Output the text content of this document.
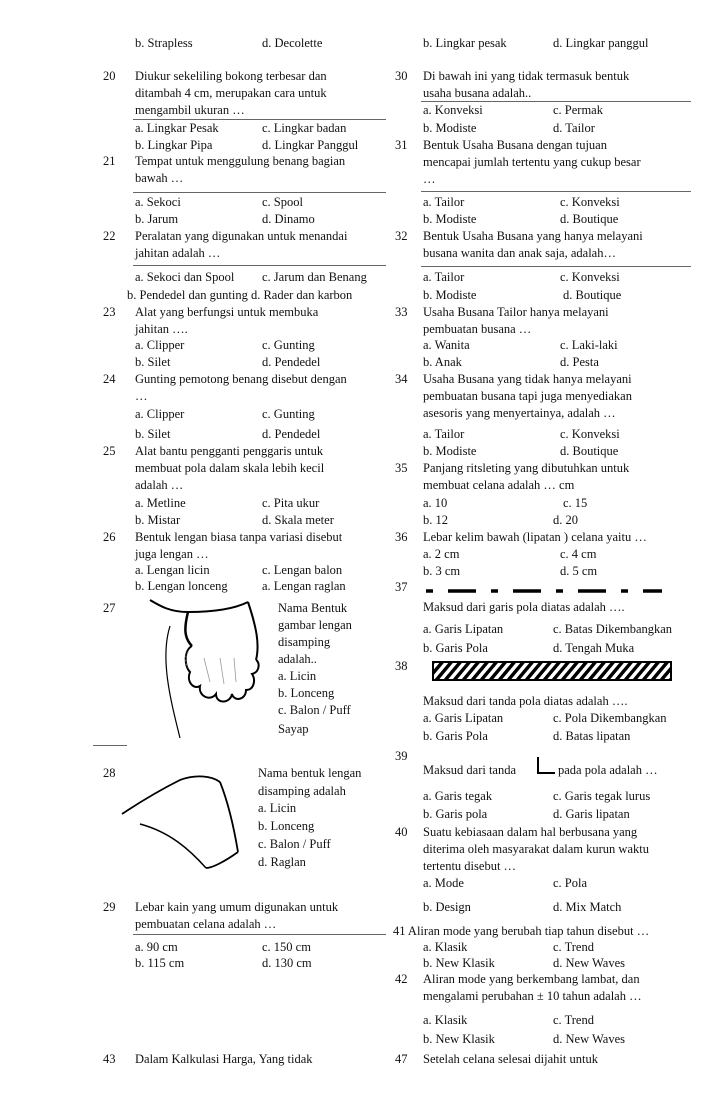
b. Strapless	d. Decolette
20 Diukur sekeliling bokong terbesar dan
ditambah 4 cm, merupakan cara untuk
mengambil ukuran …
a. Lingkar Pesak	c. Lingkar badan
b. Lingkar Pipa	d. Lingkar Panggul
21 Tempat untuk menggulung benang bagian
bawah …
a. Sekoci	c. Spool
b. Jarum	d. Dinamo
22 Peralatan yang digunakan untuk menandai
jahitan adalah …
a. Sekoci dan Spool c. Jarum dan Benang
b. Pendedel dan gunting d. Rader dan karbon
23 Alat yang berfungsi untuk membuka
jahitan ….
a. Clipper	c. Gunting
b. Silet	d. Pendedel
24 Gunting pemotong benang disebut dengan
…
a. Clipper	c. Gunting
b. Silet	d. Pendedel
25 Alat bantu pengganti penggaris untuk
membuat pola dalam skala lebih kecil
adalah …
a. Metline	c. Pita ukur
b. Mistar	d. Skala meter
26 Bentuk lengan biasa tanpa variasi disebut
juga lengan …
a. Lengan licin	c. Lengan balon
b. Lengan lonceng	a. Lengan raglan
27	Nama Bentuk
gambar lengan
disamping
adalah..
a. Licin
b. Lonceng
c. Balon / Puff
Sayap
28	Nama bentuk lengan
disamping adalah
a. Licin
b. Lonceng
c. Balon / Puff
d. Raglan
29 Lebar kain yang umum digunakan untuk
pembuatan celana adalah …
a. 90 cm	c. 150 cm
b. 115 cm	d. 130 cm
43 Dalam Kalkulasi Harga, Yang tidak
b. Lingkar pesak	d. Lingkar panggul
30 Di bawah ini yang tidak termasuk bentuk
usaha busana adalah..
a. Konveksi	c. Permak
b. Modiste	d. Tailor
31 Bentuk Usaha Busana dengan tujuan
mencapai jumlah tertentu yang cukup besar
…
a. Tailor	c. Konveksi
b. Modiste	d. Boutique
32 Bentuk Usaha Busana yang hanya melayani
busana wanita dan anak saja, adalah…
a. Tailor	c. Konveksi
b. Modiste	d. Boutique
33 Usaha Busana Tailor hanya melayani
pembuatan busana …
a. Wanita	c. Laki-laki
b. Anak	d. Pesta
34 Usaha Busana yang tidak hanya melayani
pembuatan busana tapi juga menyediakan
asesoris yang menyertainya, adalah …
a. Tailor	c. Konveksi
b. Modiste	d. Boutique
35 Panjang ritsleting yang dibutuhkan untuk
membuat celana adalah … cm
a. 10	c. 15
b. 12	d. 20
36 Lebar kelim bawah (lipatan ) celana yaitu …
a. 2 cm	c. 4 cm
b. 3 cm	d. 5 cm
37
Maksud dari garis pola diatas adalah ….
a. Garis Lipatan	c. Batas Dikembangkan
b. Garis Pola	d. Tengah Muka
38
Maksud dari tanda pola diatas adalah ….
a. Garis Lipatan	c. Pola Dikembangkan
b. Garis Pola	d. Batas lipatan
39
Maksud dari tanda	pada pola adalah …
a. Garis tegak	c. Garis tegak lurus
b. Garis pola	d. Garis lipatan
40 Suatu kebiasaan dalam hal berbusana yang
diterima oleh masyarakat dalam kurun waktu
tertentu disebut …
a. Mode	c. Pola
b. Design	d. Mix Match
41 Aliran mode yang berubah tiap tahun disebut …
a. Klasik	c. Trend
b. New Klasik	d. New Waves
42 Aliran mode yang berkembang lambat, dan
mengalami perubahan ± 10 tahun adalah …
a. Klasik	c. Trend
b. New Klasik	d. New Waves
47 Setelah celana selesai dijahit untuk
